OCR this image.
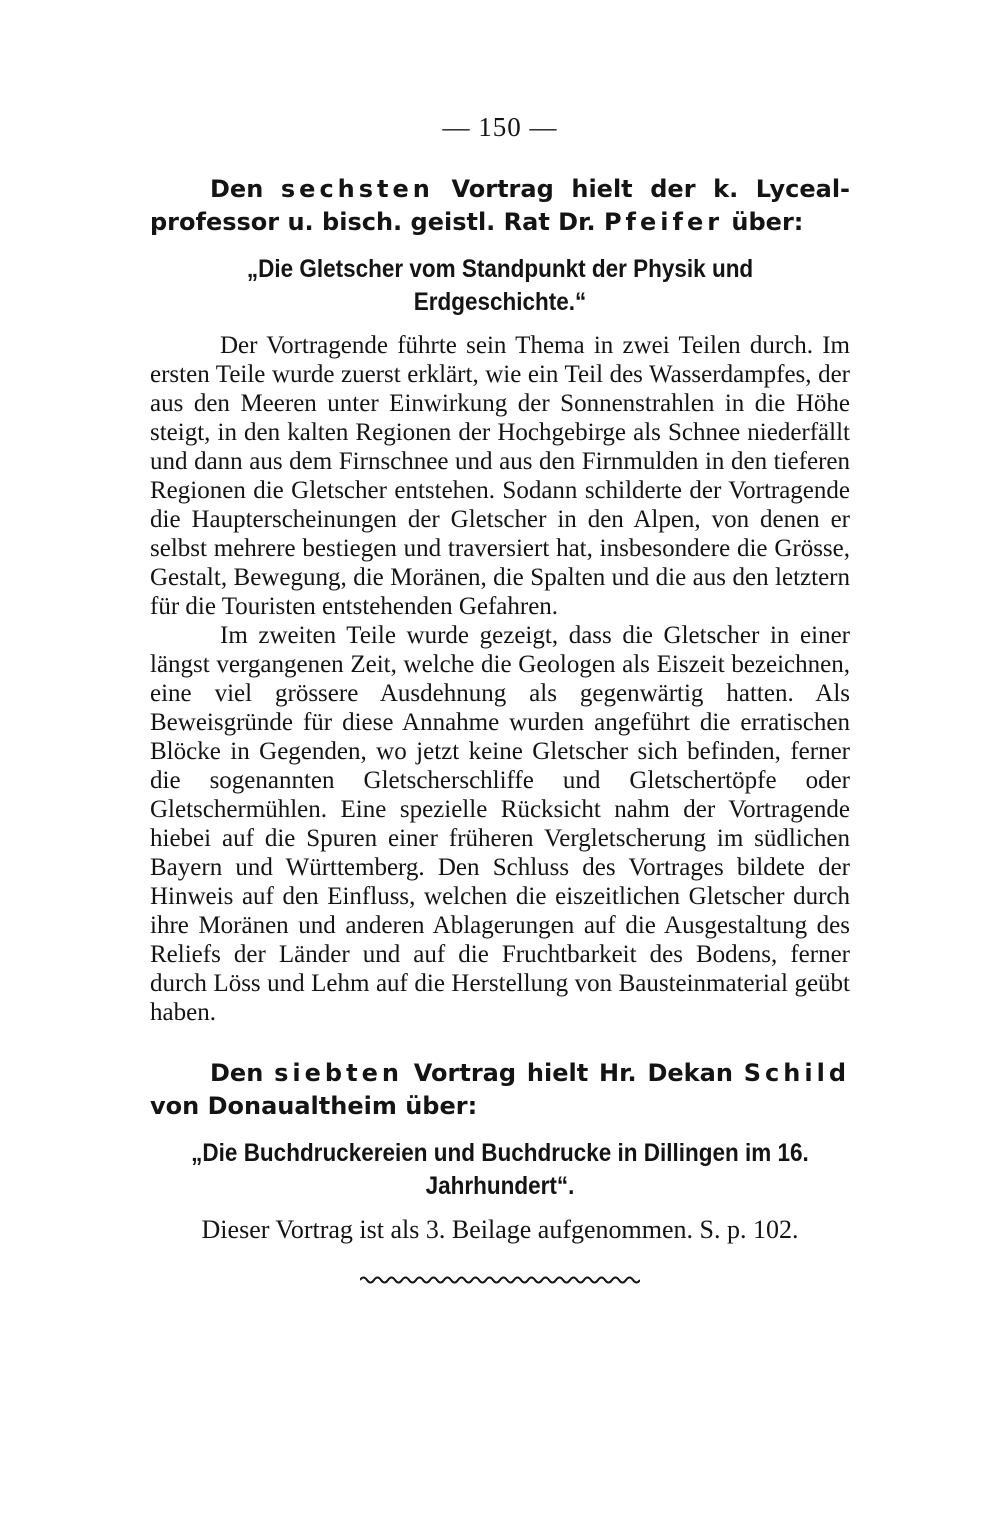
— 150 —

Den sechsten Vortrag hielt der k. Lyceal-professor u. bisch. geistl. Rat Dr. Pfeifer über:

„Die Gletscher vom Standpunkt der Physik und Erdgeschichte.“

Der Vortragende führte sein Thema in zwei Teilen durch. Im ersten Teile wurde zuerst erklärt, wie ein Teil des Wasserdampfes, der aus den Meeren unter Einwirkung der Sonnenstrahlen in die Höhe steigt, in den kalten Regionen der Hochgebirge als Schnee niederfällt und dann aus dem Firnschnee und aus den Firnmulden in den tieferen Regionen die Gletscher entstehen. Sodann schilderte der Vortragende die Haupterscheinungen der Gletscher in den Alpen, von denen er selbst mehrere bestiegen und traversiert hat, insbesondere die Grösse, Gestalt, Bewegung, die Moränen, die Spalten und die aus den letztern für die Touristen entstehenden Gefahren.

Im zweiten Teile wurde gezeigt, dass die Gletscher in einer längst vergangenen Zeit, welche die Geologen als Eiszeit bezeichnen, eine viel grössere Ausdehnung als gegenwärtig hatten. Als Beweisgründe für diese Annahme wurden angeführt die erratischen Blöcke in Gegenden, wo jetzt keine Gletscher sich befinden, ferner die sogenannten Gletscherschliffe und Gletschertöpfe oder Gletschermühlen. Eine spezielle Rücksicht nahm der Vortragende hiebei auf die Spuren einer früheren Vergletscherung im südlichen Bayern und Württemberg. Den Schluss des Vortrages bildete der Hinweis auf den Einfluss, welchen die eiszeitlichen Gletscher durch ihre Moränen und anderen Ablagerungen auf die Ausgestaltung des Reliefs der Länder und auf die Fruchtbarkeit des Bodens, ferner durch Löss und Lehm auf die Herstellung von Bausteinmaterial geübt haben.

Den siebten Vortrag hielt Hr. Dekan Schild von Donaualtheim über:

„Die Buchdruckereien und Buchdrucke in Dillingen im 16. Jahrhundert“.

Dieser Vortrag ist als 3. Beilage aufgenommen. S. p. 102.
